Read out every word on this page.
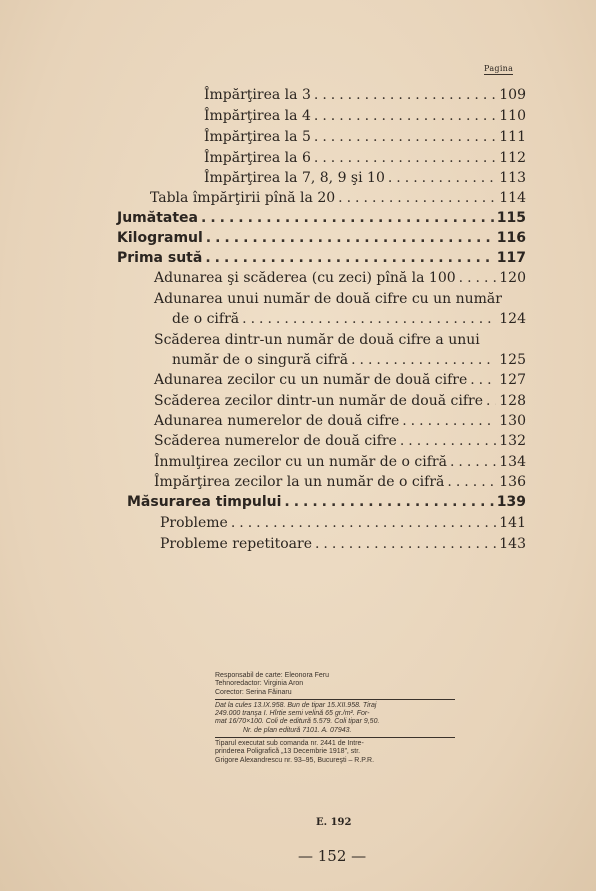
Pagina
Împărţirea la 3 .....	109
Împărţirea la 4 .....	110
Împărţirea la 5 .....	111
Împărţirea la 6 .....	112
Împărţirea la 7, 8, 9 şi 10 .....	113
Tabla împărţirii pînă la 20 .....	114
Jumătatea .....	115
Kilogramul .....	116
Prima sută .....	117
Adunarea şi scăderea (cu zeci) pînă la 100 .....	120
Adunarea unui număr de două cifre cu un număr
de o cifră .....	124
Scăderea dintr-un număr de două cifre a unui
număr de o singură cifră .....	125
Adunarea zecilor cu un număr de două cifre ..... 127
Scăderea zecilor dintr-un număr de două cifre ..... 128
Adunarea numerelor de două cifre .....	130
Scăderea numerelor de două cifre .....	132
Înmulţirea zecilor cu un număr de o cifră .....	134
Împărţirea zecilor la un număr de o cifră .....	136
Măsurarea timpului .....	139
Probleme .....	141
Probleme repetitoare .....	143
Responsabil de carte: Eleonora Feru
Tehnoredactor: Virginia Aron
Corector: Serina Făinaru
Dat la cules 13.IX.958. Bun de tipar 15.XII.958. Tiraj
249.000 tranşa I. Hîrtie semi velină 65 gr./m². For-
mat 16/70×100. Coli de editură 5.579. Coli tipar 9,50.
Nr. de plan editură 7101. A. 07943.
Tiparul executat sub comanda nr. 2441 de Intre-
prinderea Poligrafică „13 Decembrie 1918”, str.
Grigore Alexandrescu nr. 93–95, Bucureşti – R.P.R.
E. 192
— 152 —
